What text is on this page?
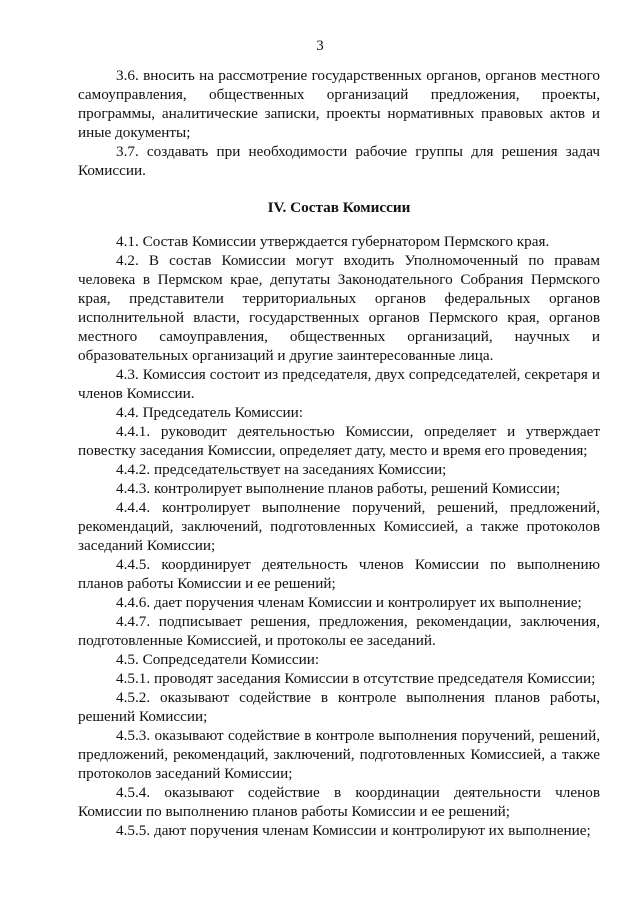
3

3.6. вносить на рассмотрение государственных органов, органов местного самоуправления, общественных организаций предложения, проекты, программы, аналитические записки, проекты нормативных правовых актов и иные документы;

3.7. создавать при необходимости рабочие группы для решения задач Комиссии.

IV. Состав Комиссии

4.1. Состав Комиссии утверждается губернатором Пермского края.

4.2. В состав Комиссии могут входить Уполномоченный по правам человека в Пермском крае, депутаты Законодательного Собрания Пермского края, представители территориальных органов федеральных органов исполнительной власти, государственных органов Пермского края, органов местного самоуправления, общественных организаций, научных и образовательных организаций и другие заинтересованные лица.

4.3. Комиссия состоит из председателя, двух сопредседателей, секретаря и членов Комиссии.

4.4. Председатель Комиссии:

4.4.1. руководит деятельностью Комиссии, определяет и утверждает повестку заседания Комиссии, определяет дату, место и время его проведения;

4.4.2. председательствует на заседаниях Комиссии;

4.4.3. контролирует выполнение планов работы, решений Комиссии;

4.4.4. контролирует выполнение поручений, решений, предложений, рекомендаций, заключений, подготовленных Комиссией, а также протоколов заседаний Комиссии;

4.4.5. координирует деятельность членов Комиссии по выполнению планов работы Комиссии и ее решений;

4.4.6. дает поручения членам Комиссии и контролирует их выполнение;

4.4.7. подписывает решения, предложения, рекомендации, заключения, подготовленные Комиссией, и протоколы ее заседаний.

4.5. Сопредседатели Комиссии:

4.5.1. проводят заседания Комиссии в отсутствие председателя Комиссии;

4.5.2. оказывают содействие в контроле выполнения планов работы, решений Комиссии;

4.5.3. оказывают содействие в контроле выполнения поручений, решений, предложений, рекомендаций, заключений, подготовленных Комиссией, а также протоколов заседаний Комиссии;

4.5.4. оказывают содействие в координации деятельности членов Комиссии по выполнению планов работы Комиссии и ее решений;

4.5.5. дают поручения членам Комиссии и контролируют их выполнение;
